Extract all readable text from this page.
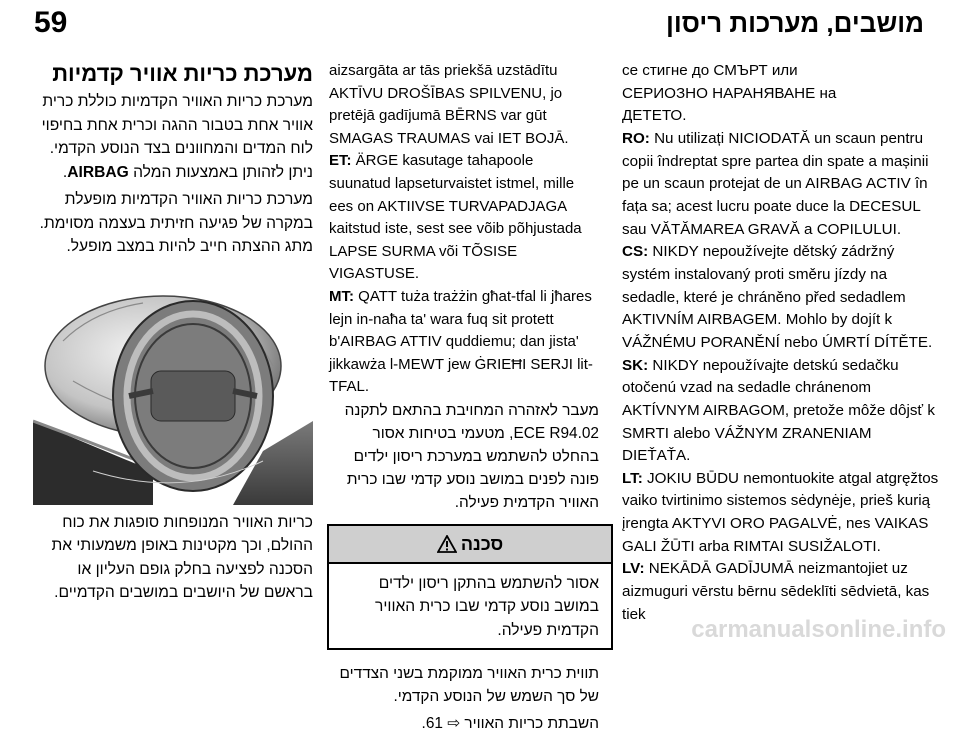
59	מושבים, מערכות ריסון
מערכת כריות אוויר קדמיות

מערכת כריות האוויר הקדמיות כוללת כרית אוויר אחת בטבור ההגה וכרית אחת בחיפוי לוח המדים והמחוונים בצד הנוסע הקדמי. ניתן לזהותן באמצעות המלה AIRBAG.

מערכת כריות האוויר הקדמיות מופעלת במקרה של פגיעה חזיתית בעצמה מסוימת. מתג ההצתה חייב להיות במצב מופעל.

כריות האוויר המנופחות סופגות את כוח ההולם, וכך מקטינות באופן משמעותי את הסכנה לפציעה בחלק גופם העליון או בראשם של היושבים במושבים הקדמיים.

aizsargāta ar tās priekšā uzstādītu

AKTĪVU DROŠĪBAS SPILVENU, jo

pretējā gadījumā BĒRNS var gūt

SMAGAS TRAUMAS vai IET BOJĀ.

ET: ÄRGE kasutage tahapoole suunatud lapseturvaistet istmel, mille ees on AKTIIVSE TURVAPADJAGA kaitstud iste, sest see võib põhjustada LAPSE SURMA või TÕSISE VIGASTUSE.

MT: QATT tuża trażżin għat-tfal li jħares lejn in-naħa ta' wara fuq sit protett b'AIRBAG ATTIV quddiemu; dan jista' jikkawża l-MEWT jew ĠRIEĦI SERJI lit-TFAL.

מעבר לאזהרה המחויבת בהתאם לתקנה ECE R94.02, מטעמי בטיחות אסור בהחלט להשתמש במערכת ריסון ילדים פונה לפנים במושב נוסע קדמי שבו כרית האוויר הקדמית פעילה.

סכנה
אסור להשתמש בהתקן ריסון ילדים במושב נוסע קדמי שבו כרית האוויר הקדמית פעילה.

תווית כרית האוויר ממוקמת בשני הצדדים של סך השמש של הנוסע הקדמי.

השבתת כריות האוויר ⇨ 61.

се стигне до СМЪРТ или

СЕРИОЗНО НАРАНЯВАНЕ на

ДЕТЕТО.

RO: Nu utilizați NICIODATĂ un scaun pentru copii îndreptat spre partea din spate a mașinii pe un scaun protejat de un AIRBAG ACTIV în fața sa; acest lucru poate duce la DECESUL sau VĂTĂMAREA GRAVĂ a COPILULUI.

CS: NIKDY nepoužívejte dětský zádržný systém instalovaný proti směru jízdy na sedadle, které je chráněno před sedadlem AKTIVNÍM AIRBAGEM. Mohlo by dojít k VÁŽNÉMU PORANĚNÍ nebo ÚMRTÍ DÍTĚTE.

SK: NIKDY nepoužívajte detskú sedačku otočenú vzad na sedadle chránenom AKTÍVNYM AIRBAGOM, pretože môže dôjsť k SMRTI alebo VÁŽNYM ZRANENIAM DIEŤAŤA.

LT: JOKIU BŪDU nemontuokite atgal atgręžtos vaiko tvirtinimo sistemos sėdynėje, prieš kurią įrengta AKTYVI ORO PAGALVĖ, nes VAIKAS GALI ŽŪTI arba RIMTAI SUSIŽALOTI.

LV: NEKĀDĀ GADĪJUMĀ neizmantojiet uz aizmuguri vērstu bērnu sēdeklīti sēdvietā, kas tiek

carmanualsonline.info
